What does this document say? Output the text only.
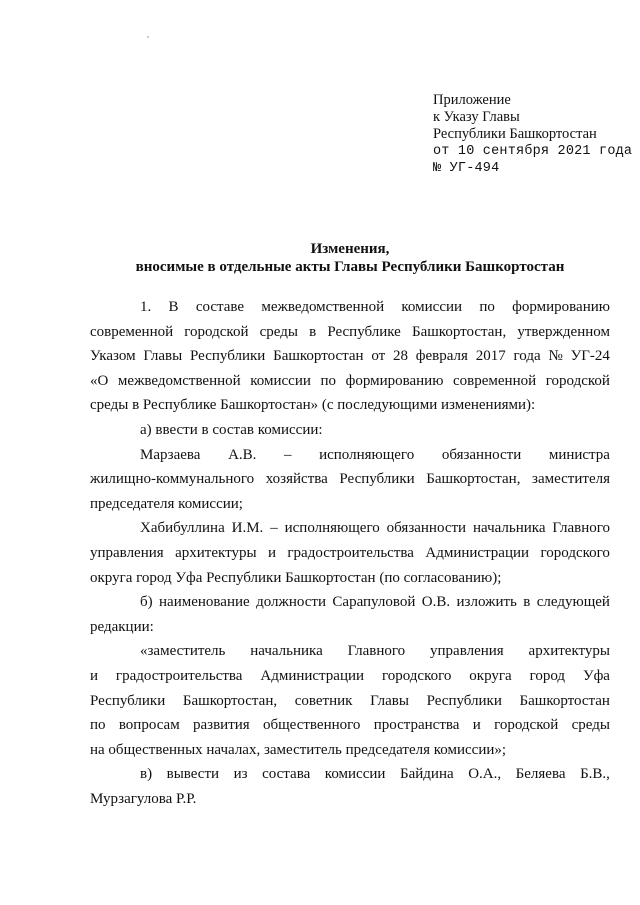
Приложение
к Указу Главы
Республики Башкортостан
от 10 сентября 2021 года
№ УГ-494
Изменения,
вносимые в отдельные акты Главы Республики Башкортостан
1. В составе межведомственной комиссии по формированию
современной городской среды в Республике Башкортостан, утвержденном
Указом Главы Республики Башкортостан от 28 февраля 2017 года № УГ-24
«О межведомственной комиссии по формированию современной городской
среды в Республике Башкортостан» (с последующими изменениями):
а) ввести в состав комиссии:
Марзаева А.В. – исполняющего обязанности министра
жилищно-коммунального хозяйства Республики Башкортостан, заместителя
председателя комиссии;
Хабибуллина И.М. – исполняющего обязанности начальника Главного
управления архитектуры и градостроительства Администрации городского
округа город Уфа Республики Башкортостан (по согласованию);
б) наименование должности Сарапуловой О.В. изложить в следующей
редакции:
«заместитель начальника Главного управления архитектуры
и градостроительства Администрации городского округа город Уфа
Республики Башкортостан, советник Главы Республики Башкортостан
по вопросам развития общественного пространства и городской среды
на общественных началах, заместитель председателя комиссии»;
в) вывести из состава комиссии Байдина О.А., Беляева Б.В.,
Мурзагулова Р.Р.
